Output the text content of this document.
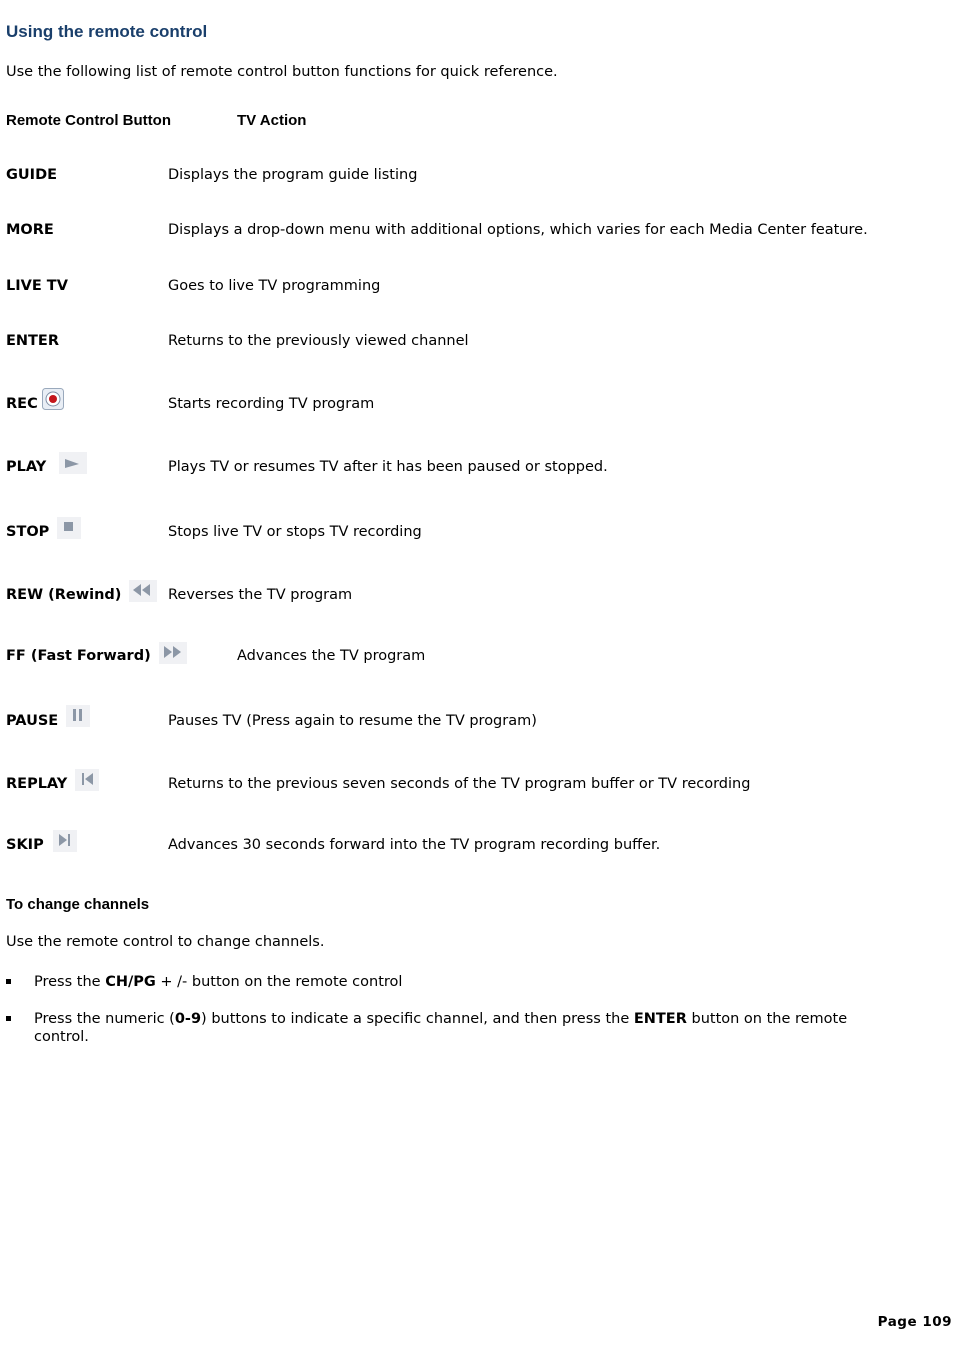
Using the remote control
Use the following list of remote control button functions for quick reference.
Remote Control Button	TV Action
GUIDE	Displays the program guide listing
MORE	Displays a drop-down menu with additional options, which varies for each Media Center feature.
LIVE TV	Goes to live TV programming
ENTER	Returns to the previously viewed channel
REC	Starts recording TV program
PLAY	Plays TV or resumes TV after it has been paused or stopped.
STOP	Stops live TV or stops TV recording
REW (Rewind)	Reverses the TV program
FF (Fast Forward)	Advances the TV program
PAUSE	Pauses TV (Press again to resume the TV program)
REPLAY	Returns to the previous seven seconds of the TV program buffer or TV recording
SKIP	Advances 30 seconds forward into the TV program recording buffer.
To change channels
Use the remote control to change channels.
Press the CH/PG + /- button on the remote control
Press the numeric (0-9) buttons to indicate a specific channel, and then press the ENTER button on the remote control.
Page 109
